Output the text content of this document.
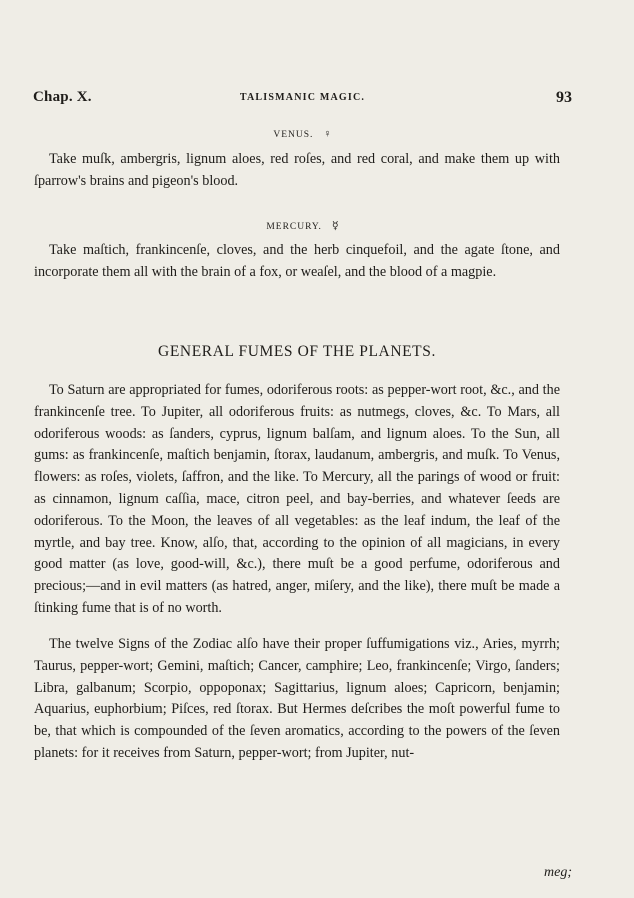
Chap. X.	TALISMANIC MAGIC.	93
VENUS. ♀

Take muſk, ambergris, lignum aloes, red roſes, and red coral, and make them up with ſparrow's brains and pigeon's blood.

MERCURY. ☿

Take maſtich, frankincenſe, cloves, and the herb cinquefoil, and the agate ſtone, and incorporate them all with the brain of a fox, or weaſel, and the blood of a magpie.

GENERAL FUMES OF THE PLANETS.

To Saturn are appropriated for fumes, odoriferous roots: as pepper-wort root, &c., and the frankincenſe tree. To Jupiter, all odoriferous fruits: as nutmegs, cloves, &c. To Mars, all odoriferous woods: as ſanders, cyprus, lignum balſam, and lignum aloes. To the Sun, all gums: as frankincenſe, maſtich benjamin, ſtorax, laudanum, ambergris, and muſk. To Venus, flowers: as roſes, violets, ſaffron, and the like. To Mercury, all the parings of wood or fruit: as cinnamon, lignum caſſia, mace, citron peel, and bay-berries, and whatever ſeeds are odoriferous. To the Moon, the leaves of all vegetables: as the leaf indum, the leaf of the myrtle, and bay tree. Know, alſo, that, according to the opinion of all magicians, in every good matter (as love, good-will, &c.), there muſt be a good perfume, odoriferous and precious;—and in evil matters (as hatred, anger, miſery, and the like), there muſt be made a ſtinking fume that is of no worth.

The twelve Signs of the Zodiac alſo have their proper ſuffumigations viz., Aries, myrrh; Taurus, pepper-wort; Gemini, maſtich; Cancer, camphire; Leo, frankincenſe; Virgo, ſanders; Libra, galbanum; Scorpio, oppoponax; Sagittarius, lignum aloes; Capricorn, benjamin; Aquarius, euphorbium; Piſces, red ſtorax. But Hermes deſcribes the moſt powerful fume to be, that which is compounded of the ſeven aromatics, according to the powers of the ſeven planets: for it receives from Saturn, pepper-wort; from Jupiter, nut-

meg;
